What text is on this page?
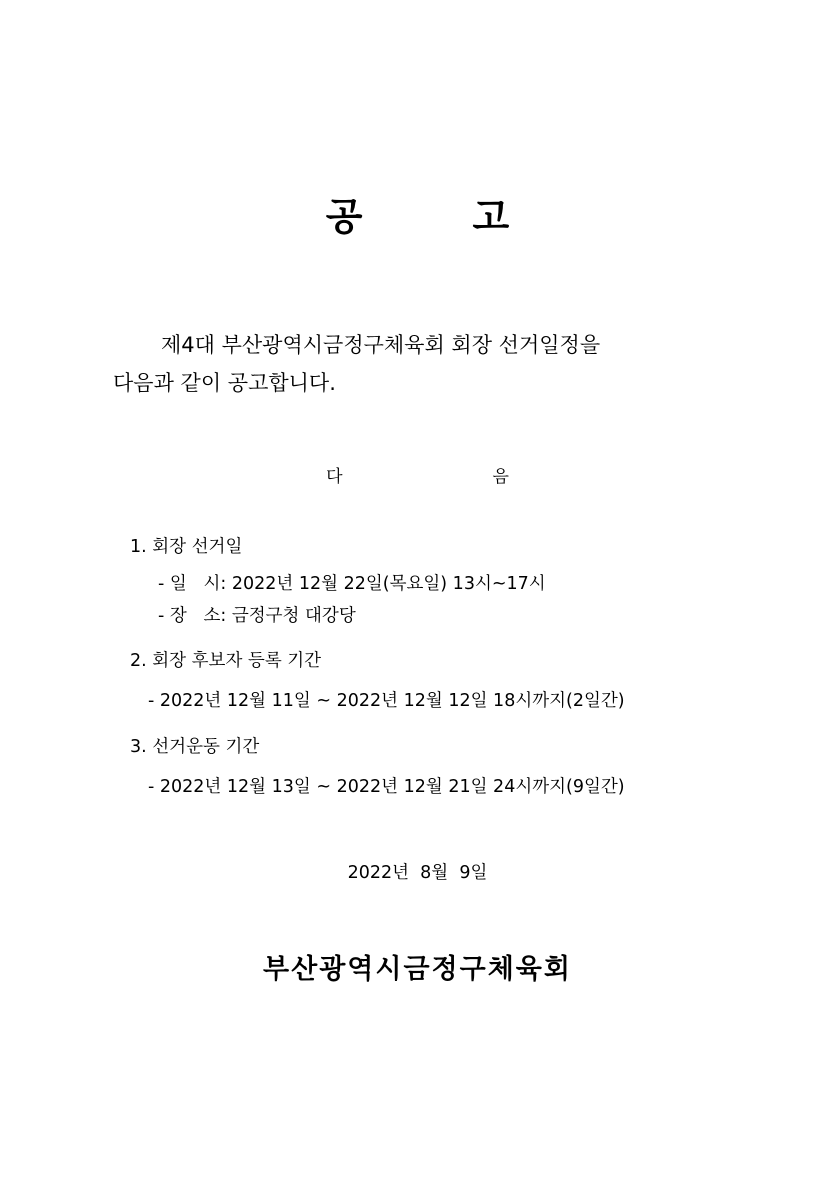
공	고
제4대 부산광역시금정구체육회 회장 선거일정을
다음과 같이 공고합니다.
다	음
1. 회장 선거일
- 일   시: 2022년 12월 22일(목요일) 13시~17시
- 장   소: 금정구청 대강당
2. 회장 후보자 등록 기간
- 2022년 12월 11일 ~ 2022년 12월 12일 18시까지(2일간)
3. 선거운동 기간
- 2022년 12월 13일 ~ 2022년 12월 21일 24시까지(9일간)
2022년  8월  9일
부산광역시금정구체육회
